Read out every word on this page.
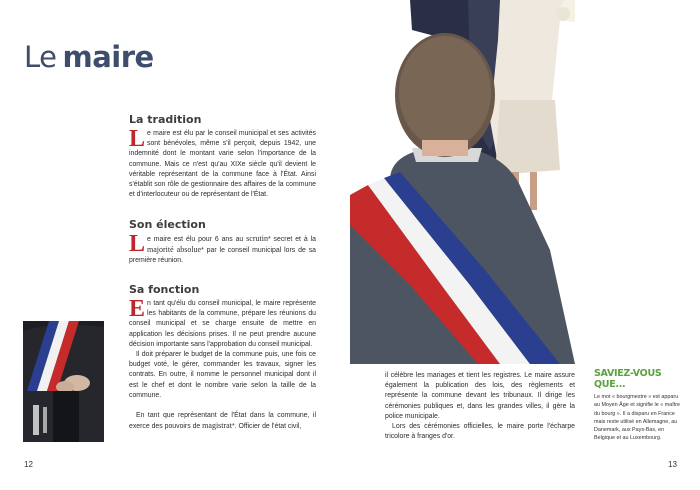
Le maire
La tradition

Le maire est élu par le conseil municipal et ses activités sont bénévoles, même s'il perçoit, depuis 1942, une indemnité dont le montant varie selon l'importance de la commune. Mais ce n'est qu'au XIXe siècle qu'il devient le véritable représentant de la commune face à l'État. Ainsi s'établit son rôle de gestionnaire des affaires de la commune et d'interlocuteur ou de représentant de l'État.

Son élection

Le maire est élu pour 6 ans au scrutin* secret et à la majorité absolue* par le conseil municipal lors de sa première réunion.

Sa fonction

En tant qu'élu du conseil municipal, le maire représente les habitants de la commune, prépare les réunions du conseil municipal et se charge ensuite de mettre en application les décisions prises. Il ne peut prendre aucune décision importante sans l'approbation du conseil municipal.

Il doit préparer le budget de la commune puis, une fois ce budget voté, le gérer, commander les travaux, signer les contrats. En outre, il nomme le personnel municipal dont il est le chef et dont le nombre varie selon la taille de la commune.

En tant que représentant de l'État dans la commune, il exerce des pouvoirs de magistrat*. Officier de l'état civil,

12	13

il célèbre les mariages et tient les registres. Le maire assure également la publication des lois, des règlements et représente la commune devant les tribunaux. Il dirige les cérémonies publiques et, dans les grandes villes, il gère la police municipale.

Lors des cérémonies officielles, le maire porte l'écharpe tricolore à franges d'or.

SAVIEZ-VOUS QUE...

Le mot « bourgmestre » est apparu au Moyen Âge et signifie le « maître du bourg ». Il a disparu en France mais reste utilisé en Allemagne, au Danemark, aux Pays-Bas, en Belgique et au Luxembourg.
